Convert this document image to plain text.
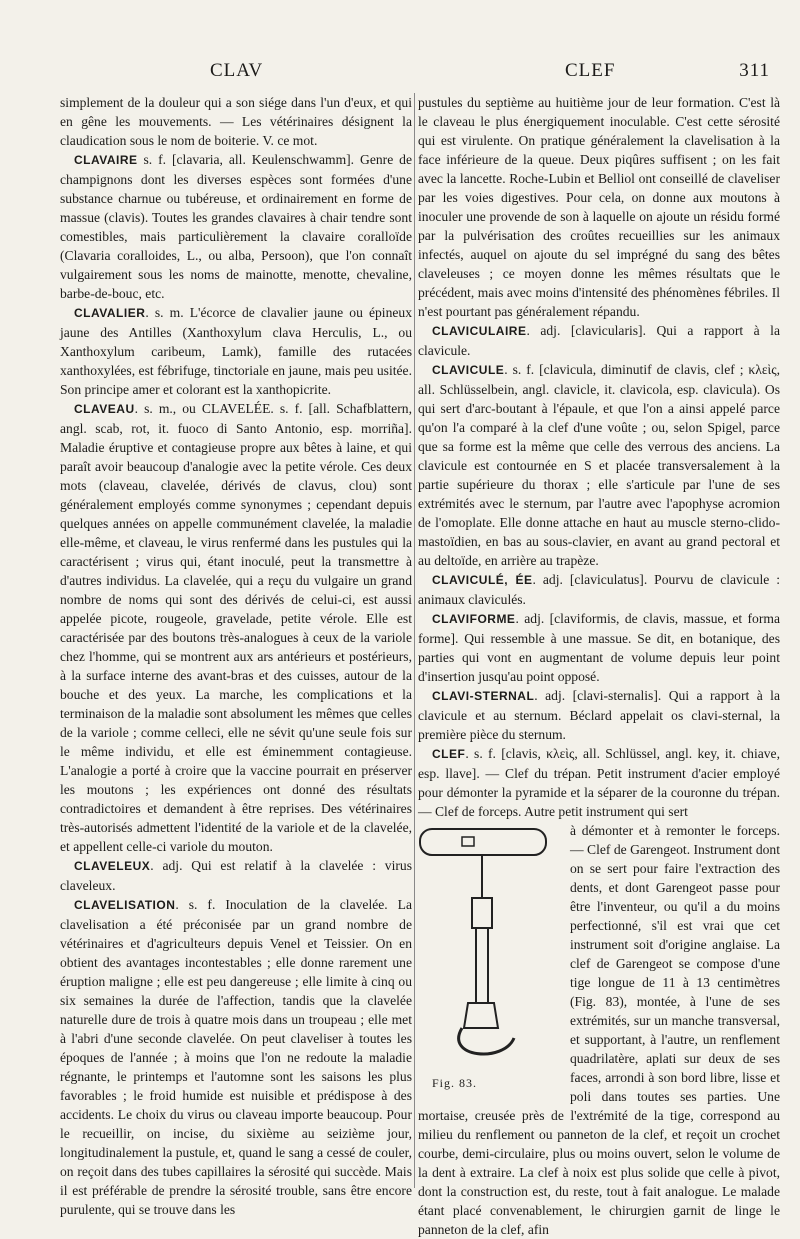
CLAV	CLEF	311

simplement de la douleur qui a son siége dans l'un d'eux, et qui en gêne les mouvements. — Les vétérinaires désignent la claudication sous le nom de boiterie. V. ce mot.

CLAVAIRE s. f. [clavaria, all. Keulenschwamm]. Genre de champignons dont les diverses espèces sont formées d'une substance charnue ou tubéreuse, et ordinairement en forme de massue (clavis). Toutes les grandes clavaires à chair tendre sont comestibles, mais particulièrement la clavaire coralloïde (Clavaria coralloides, L., ou alba, Persoon), que l'on connaît vulgairement sous les noms de mainotte, menotte, chevaline, barbe-de-bouc, etc.

CLAVALIER. s. m. L'écorce de clavalier jaune ou épineux jaune des Antilles (Xanthoxylum clava Herculis, L., ou Xanthoxylum caribeum, Lamk), famille des rutacées xanthoxylées, est fébrifuge, tinctoriale en jaune, mais peu usitée. Son principe amer et colorant est la xanthopicrite.

CLAVEAU. s. m., ou CLAVELÉE. s. f. [all. Schafblattern, angl. scab, rot, it. fuoco di Santo Antonio, esp. morriña]. Maladie éruptive et contagieuse propre aux bêtes à laine, et qui paraît avoir beaucoup d'analogie avec la petite vérole. Ces deux mots (claveau, clavelée, dérivés de clavus, clou) sont généralement employés comme synonymes ; cependant depuis quelques années on appelle communément clavelée, la maladie elle-même, et claveau, le virus renfermé dans les pustules qui la caractérisent ; virus qui, étant inoculé, peut la transmettre à d'autres individus. La clavelée, qui a reçu du vulgaire un grand nombre de noms qui sont des dérivés de celui-ci, est aussi appelée picote, rougeole, gravelade, petite vérole. Elle est caractérisée par des boutons très-analogues à ceux de la variole chez l'homme, qui se montrent aux ars antérieurs et postérieurs, à la surface interne des avant-bras et des cuisses, autour de la bouche et des yeux. La marche, les complications et la terminaison de la maladie sont absolument les mêmes que celles de la variole ; comme celleci, elle ne sévit qu'une seule fois sur le même individu, et elle est éminemment contagieuse. L'analogie a porté à croire que la vaccine pourrait en préserver les moutons ; les expériences ont donné des résultats contradictoires et demandent à être reprises. Des vétérinaires très-autorisés admettent l'identité de la variole et de la clavelée, et appellent celle-ci variole du mouton.

CLAVELEUX. adj. Qui est relatif à la clavelée : virus claveleux.

CLAVELISATION. s. f. Inoculation de la clavelée. La clavelisation a été préconisée par un grand nombre de vétérinaires et d'agriculteurs depuis Venel et Teissier. On en obtient des avantages incontestables ; elle donne rarement une éruption maligne ; elle est peu dangereuse ; elle limite à cinq ou six semaines la durée de l'affection, tandis que la clavelée naturelle dure de trois à quatre mois dans un troupeau ; elle met à l'abri d'une seconde clavelée. On peut claveliser à toutes les époques de l'année ; à moins que l'on ne redoute la maladie régnante, le printemps et l'automne sont les saisons les plus favorables ; le froid humide est nuisible et prédispose à des accidents. Le choix du virus ou claveau importe beaucoup. Pour le recueillir, on incise, du sixième au seizième jour, longitudinalement la pustule, et, quand le sang a cessé de couler, on reçoit dans des tubes capillaires la sérosité qui succède. Mais il est préférable de prendre la sérosité trouble, sans être encore purulente, qui se trouve dans les

pustules du septième au huitième jour de leur formation. C'est là le claveau le plus énergiquement inoculable. C'est cette sérosité qui est virulente. On pratique généralement la clavelisation à la face inférieure de la queue. Deux piqûres suffisent ; on les fait avec la lancette. Roche-Lubin et Belliol ont conseillé de claveliser par les voies digestives. Pour cela, on donne aux moutons à inoculer une provende de son à laquelle on ajoute un résidu formé par la pulvérisation des croûtes recueillies sur les animaux infectés, auquel on ajoute du sel imprégné du sang des bêtes claveleuses ; ce moyen donne les mêmes résultats que le précédent, mais avec moins d'intensité des phénomènes fébriles. Il n'est pourtant pas généralement répandu.

CLAVICULAIRE. adj. [clavicularis]. Qui a rapport à la clavicule.

CLAVICULE. s. f. [clavicula, diminutif de clavis, clef ; κλεὶς, all. Schlüsselbein, angl. clavicle, it. clavicola, esp. clavicula). Os qui sert d'arc-boutant à l'épaule, et que l'on a ainsi appelé parce qu'on l'a comparé à la clef d'une voûte ; ou, selon Spigel, parce que sa forme est la même que celle des verrous des anciens. La clavicule est contournée en S et placée transversalement à la partie supérieure du thorax ; elle s'articule par l'une de ses extrémités avec le sternum, par l'autre avec l'apophyse acromion de l'omoplate. Elle donne attache en haut au muscle sterno-clido-mastoïdien, en bas au sous-clavier, en avant au grand pectoral et au deltoïde, en arrière au trapèze.

CLAVICULÉ, ÉE. adj. [claviculatus]. Pourvu de clavicule : animaux claviculés.

CLAVIFORME. adj. [claviformis, de clavis, massue, et forma forme]. Qui ressemble à une massue. Se dit, en botanique, des parties qui vont en augmentant de volume depuis leur point d'insertion jusqu'au point opposé.

CLAVI-STERNAL. adj. [clavi-sternalis]. Qui a rapport à la clavicule et au sternum. Béclard appelait os clavi-sternal, la première pièce du sternum.

CLEF. s. f. [clavis, κλεὶς, all. Schlüssel, angl. key, it. chiave, esp. llave]. — Clef du trépan. Petit instrument d'acier employé pour démonter la pyramide et la séparer de la couronne du trépan. — Clef de forceps. Autre petit instrument qui sert

Fig. 83.

à démonter et à remonter le forceps. — Clef de Garengeot. Instrument dont on se sert pour faire l'extraction des dents, et dont Garengeot passe pour être l'inventeur, ou qu'il a du moins perfectionné, s'il est vrai que cet instrument soit d'origine anglaise. La clef de Garengeot se compose d'une tige longue de 11 à 13 centimètres (Fig. 83), montée, à l'une de ses extrémités, sur un manche transversal, et supportant, à l'autre, un renflement quadrilatère, aplati sur deux de ses faces, arrondi à son bord libre, lisse et poli dans toutes ses parties. Une mortaise, creusée près de l'extrémité de la tige, correspond au milieu du renflement ou panneton de la clef, et reçoit un crochet courbe, demi-circulaire, plus ou moins ouvert, selon le volume de la dent à extraire. La clef à noix est plus solide que celle à pivot, dont la construction est, du reste, tout à fait analogue. Le malade étant placé convenablement, le chirurgien garnit de linge le panneton de la clef, afin
